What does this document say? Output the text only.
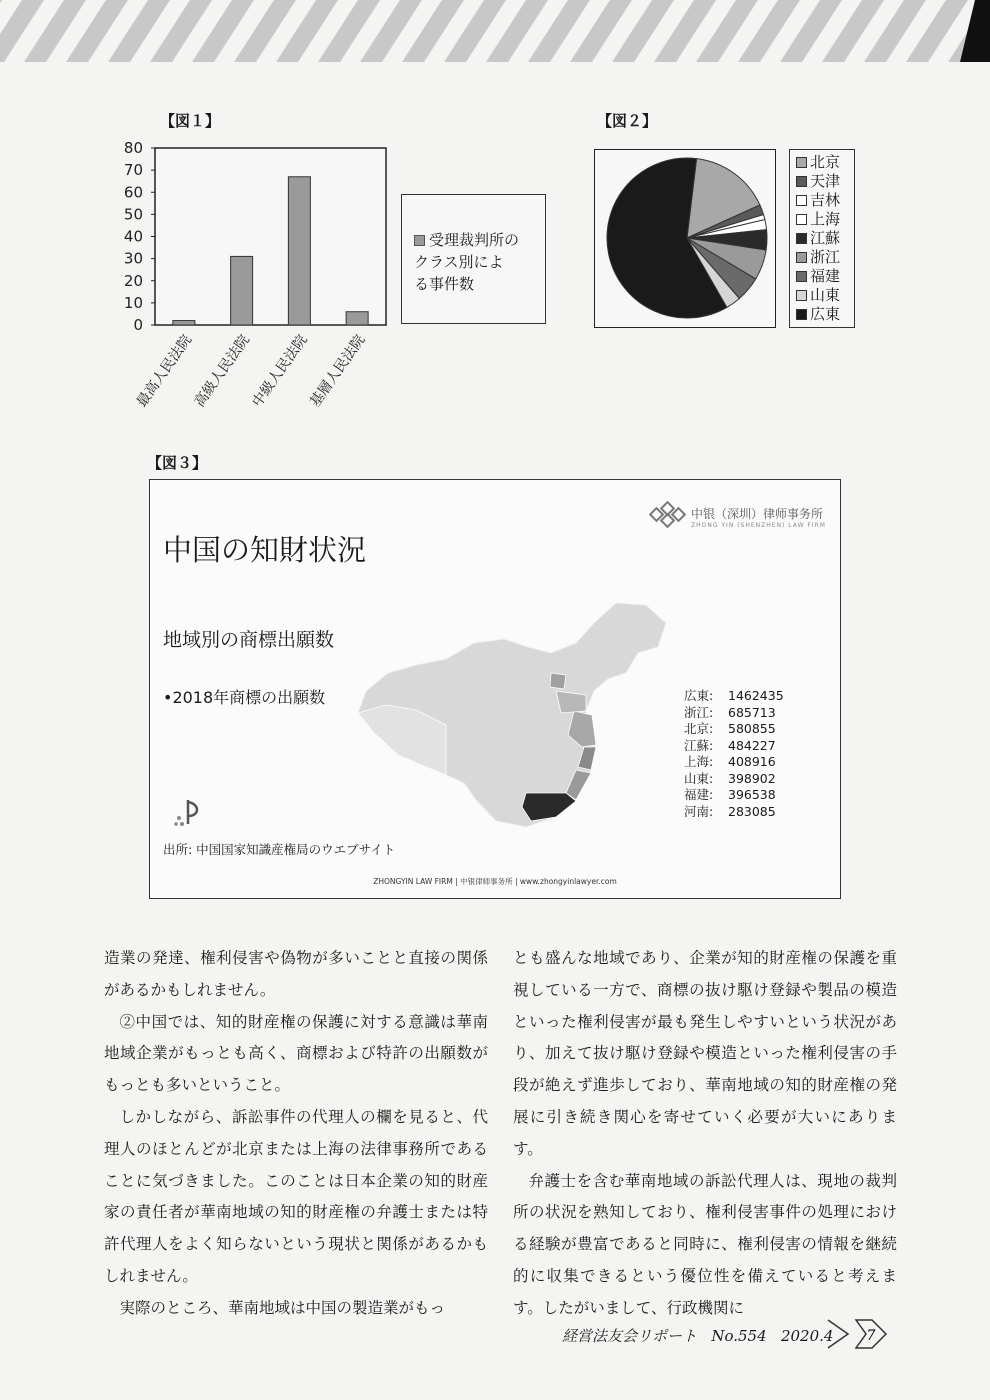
【図１】
0
10
20
30
40
50
60
70
80
最高人民法院
高級人民法院
中級人民法院
基層人民法院
受理裁判所の
クラス別によ
る事件数
【図２】
北京
天津
吉林
上海
江蘇
浙江
福建
山東
広東
【図３】
中国の知財状況
中银（深圳）律师事务所
ZHONG YIN (SHENZHEN) LAW FIRM
地域別の商標出願数
•2018年商標の出願数	広東: 1462435
浙江: 685713
北京: 580855
江蘇: 484227
上海: 408916
山東: 398902
福建: 396538
河南: 283085
出所: 中国国家知識産権局のウエブサイト
ZHONGYIN LAW FIRM | 中银律师事务所 | www.zhongyinlawyer.com

造業の発達、権利侵害や偽物が多いことと直接の関係があるかもしれません。

②中国では、知的財産権の保護に対する意識は華南地域企業がもっとも高く、商標および特許の出願数がもっとも多いということ。

しかしながら、訴訟事件の代理人の欄を見ると、代理人のほとんどが北京または上海の法律事務所であることに気づきました。このことは日本企業の知的財産家の責任者が華南地域の知的財産権の弁護士または特許代理人をよく知らないという現状と関係があるかもしれません。

実際のところ、華南地域は中国の製造業がもっ

とも盛んな地域であり、企業が知的財産権の保護を重視している一方で、商標の抜け駆け登録や製品の模造といった権利侵害が最も発生しやすいという状況があり、加えて抜け駆け登録や模造といった権利侵害の手段が絶えず進歩しており、華南地域の知的財産権の発展に引き続き関心を寄せていく必要が大いにあります。

弁護士を含む華南地域の訴訟代理人は、現地の裁判所の状況を熟知しており、権利侵害事件の処理における経験が豊富であると同時に、権利侵害の情報を継続的に収集できるという優位性を備えていると考えます。したがいまして、行政機関に

経営法友会リポート No.554 2020.4 7
